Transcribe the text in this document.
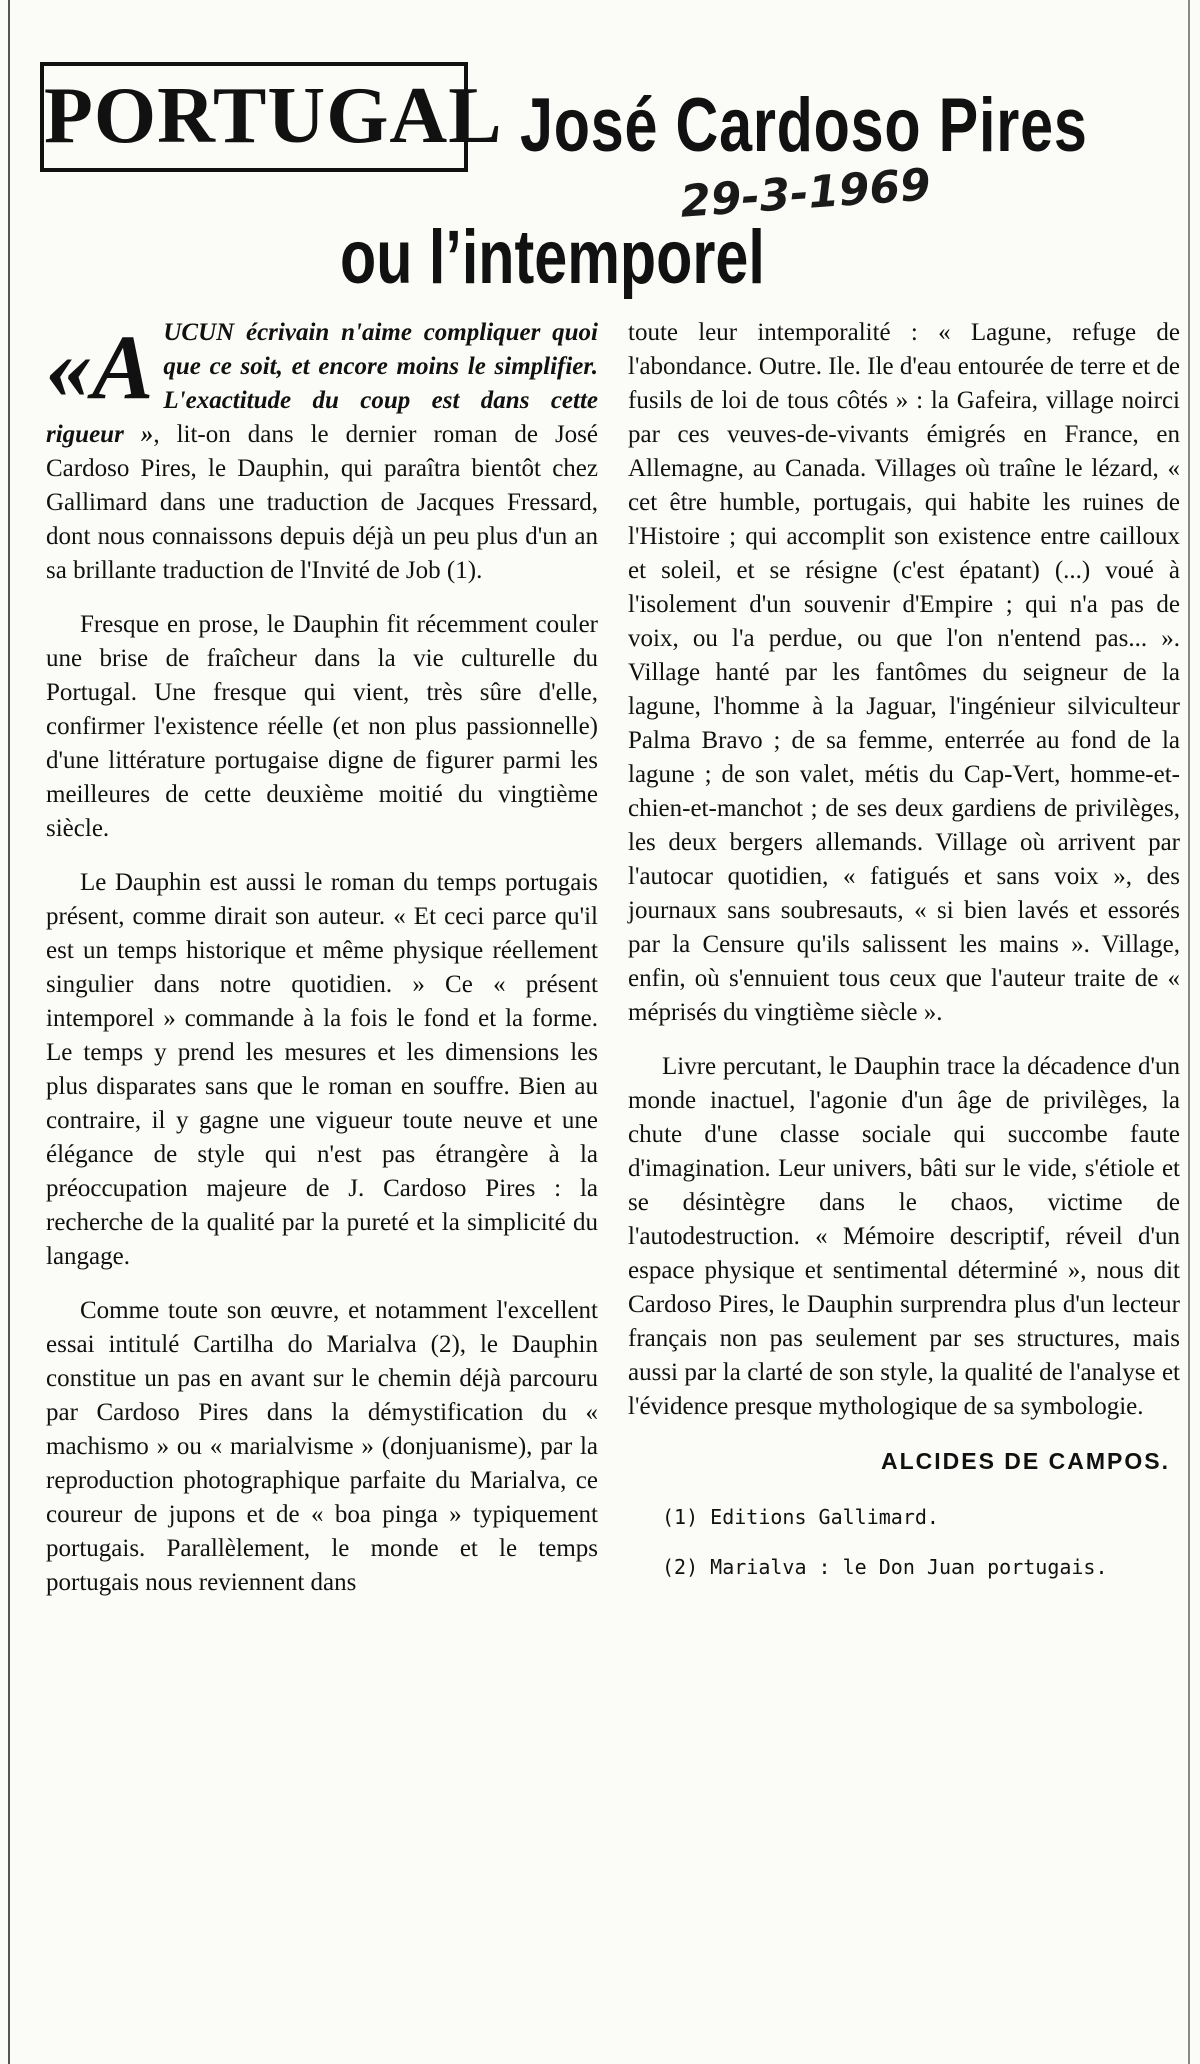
PORTUGAL José Cardoso Pires
ou l’intemporel
29-3-1969

«A UCUN écrivain n'aime compliquer quoi que ce soit, et encore moins le simplifier. L'exactitude du coup est dans cette rigueur », lit-on dans le dernier roman de José Cardoso Pires, le Dauphin, qui paraîtra bientôt chez Gallimard dans une traduction de Jacques Fressard, dont nous connaissons depuis déjà un peu plus d'un an sa brillante traduction de l'Invité de Job (1).

Fresque en prose, le Dauphin fit récemment couler une brise de fraîcheur dans la vie culturelle du Portugal. Une fresque qui vient, très sûre d'elle, confirmer l'existence réelle (et non plus passionnelle) d'une littérature portugaise digne de figurer parmi les meilleures de cette deuxième moitié du vingtième siècle.

Le Dauphin est aussi le roman du temps portugais présent, comme dirait son auteur. « Et ceci parce qu'il est un temps historique et même physique réellement singulier dans notre quotidien. » Ce « présent intemporel » commande à la fois le fond et la forme. Le temps y prend les mesures et les dimensions les plus disparates sans que le roman en souffre. Bien au contraire, il y gagne une vigueur toute neuve et une élégance de style qui n'est pas étrangère à la préoccupation majeure de J. Cardoso Pires : la recherche de la qualité par la pureté et la simplicité du langage.

Comme toute son œuvre, et notamment l'excellent essai intitulé Cartilha do Marialva (2), le Dauphin constitue un pas en avant sur le chemin déjà parcouru par Cardoso Pires dans la démystification du « machismo » ou « marialvisme » (donjuanisme), par la reproduction photographique parfaite du Marialva, ce coureur de jupons et de « boa pinga » typiquement portugais. Parallèlement, le monde et le temps portugais nous reviennent dans

toute leur intemporalité : « Lagune, refuge de l'abondance. Outre. Ile. Ile d'eau entourée de terre et de fusils de loi de tous côtés » : la Gafeira, village noirci par ces veuves-de-vivants émigrés en France, en Allemagne, au Canada. Villages où traîne le lézard, « cet être humble, portugais, qui habite les ruines de l'Histoire ; qui accomplit son existence entre cailloux et soleil, et se résigne (c'est épatant) (...) voué à l'isolement d'un souvenir d'Empire ; qui n'a pas de voix, ou l'a perdue, ou que l'on n'entend pas... ». Village hanté par les fantômes du seigneur de la lagune, l'homme à la Jaguar, l'ingénieur silviculteur Palma Bravo ; de sa femme, enterrée au fond de la lagune ; de son valet, métis du Cap-Vert, homme-et-chien-et-manchot ; de ses deux gardiens de privilèges, les deux bergers allemands. Village où arrivent par l'autocar quotidien, « fatigués et sans voix », des journaux sans soubresauts, « si bien lavés et essorés par la Censure qu'ils salissent les mains ». Village, enfin, où s'ennuient tous ceux que l'auteur traite de « méprisés du vingtième siècle ».

Livre percutant, le Dauphin trace la décadence d'un monde inactuel, l'agonie d'un âge de privilèges, la chute d'une classe sociale qui succombe faute d'imagination. Leur univers, bâti sur le vide, s'étiole et se désintègre dans le chaos, victime de l'autodestruction. « Mémoire descriptif, réveil d'un espace physique et sentimental déterminé », nous dit Cardoso Pires, le Dauphin surprendra plus d'un lecteur français non pas seulement par ses structures, mais aussi par la clarté de son style, la qualité de l'analyse et l'évidence presque mythologique de sa symbologie.

ALCIDES DE CAMPOS.

(1) Editions Gallimard.

(2) Marialva : le Don Juan portugais.
